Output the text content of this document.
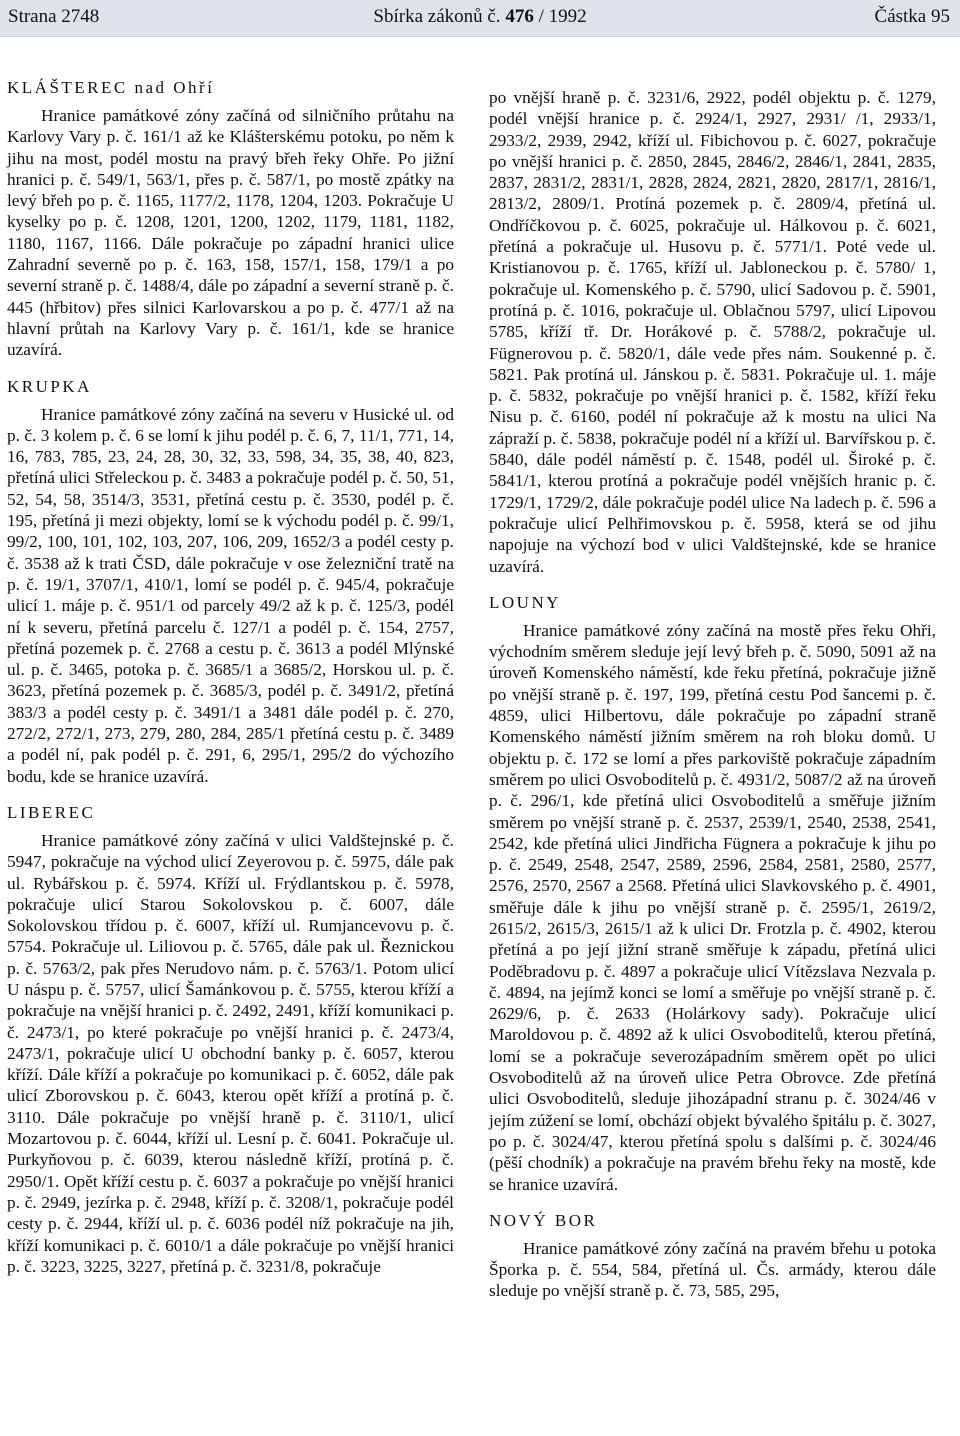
Strana 2748	Sbírka zákonů č. 476 / 1992	Částka 95
KLÁŠTEREC nad Ohří

Hranice památkové zóny začíná od silničního průtahu na Karlovy Vary p. č. 161/1 až ke Klášterskému potoku, po něm k jihu na most, podél mostu na pravý břeh řeky Ohře. Po jižní hranici p. č. 549/1, 563/1, přes p. č. 587/1, po mostě zpátky na levý břeh po p. č. 1165, 1177/2, 1178, 1204, 1203. Pokračuje U kyselky po p. č. 1208, 1201, 1200, 1202, 1179, 1181, 1182, 1180, 1167, 1166. Dále pokračuje po západní hranici ulice Zahradní severně po p. č. 163, 158, 157/1, 158, 179/1 a po severní straně p. č. 1488/4, dále po západní a severní straně p. č. 445 (hřbitov) přes silnici Karlovarskou a po p. č. 477/1 až na hlavní průtah na Karlovy Vary p. č. 161/1, kde se hranice uzavírá.

KRUPKA

Hranice památkové zóny začíná na severu v Husické ul. od p. č. 3 kolem p. č. 6 se lomí k jihu podél p. č. 6, 7, 11/1, 771, 14, 16, 783, 785, 23, 24, 28, 30, 32, 33, 598, 34, 35, 38, 40, 823, přetíná ulici Střeleckou p. č. 3483 a pokračuje podél p. č. 50, 51, 52, 54, 58, 3514/3, 3531, přetíná cestu p. č. 3530, podél p. č. 195, přetíná ji mezi objekty, lomí se k východu podél p. č. 99/1, 99/2, 100, 101, 102, 103, 207, 106, 209, 1652/3 a podél cesty p. č. 3538 až k trati ČSD, dále pokračuje v ose železniční tratě na p. č. 19/1, 3707/1, 410/1, lomí se podél p. č. 945/4, pokračuje ulicí 1. máje p. č. 951/1 od parcely 49/2 až k p. č. 125/3, podél ní k severu, přetíná parcelu č. 127/1 a podél p. č. 154, 2757, přetíná pozemek p. č. 2768 a cestu p. č. 3613 a podél Mlýnské ul. p. č. 3465, potoka p. č. 3685/1 a 3685/2, Horskou ul. p. č. 3623, přetíná pozemek p. č. 3685/3, podél p. č. 3491/2, přetíná 383/3 a podél cesty p. č. 3491/1 a 3481 dále podél p. č. 270, 272/2, 272/1, 273, 279, 280, 284, 285/1 přetíná cestu p. č. 3489 a podél ní, pak podél p. č. 291, 6, 295/1, 295/2 do výchozího bodu, kde se hranice uzavírá.

LIBEREC

Hranice památkové zóny začíná v ulici Valdštejnské p. č. 5947, pokračuje na východ ulicí Zeyerovou p. č. 5975, dále pak ul. Rybářskou p. č. 5974. Kříží ul. Frýdlantskou p. č. 5978, pokračuje ulicí Starou Sokolovskou p. č. 6007, dále Sokolovskou třídou p. č. 6007, kříží ul. Rumjancevovu p. č. 5754. Pokračuje ul. Liliovou p. č. 5765, dále pak ul. Řeznickou p. č. 5763/2, pak přes Nerudovo nám. p. č. 5763/1. Potom ulicí U náspu p. č. 5757, ulicí Šamánkovou p. č. 5755, kterou kříží a pokračuje na vnější hranici p. č. 2492, 2491, kříží komunikaci p. č. 2473/1, po které pokračuje po vnější hranici p. č. 2473/4, 2473/1, pokračuje ulicí U obchodní banky p. č. 6057, kterou kříží. Dále kříží a pokračuje po komunikaci p. č. 6052, dále pak ulicí Zborovskou p. č. 6043, kterou opět kříží a protíná p. č. 3110. Dále pokračuje po vnější hraně p. č. 3110/1, ulicí Mozartovou p. č. 6044, kříží ul. Lesní p. č. 6041. Pokračuje ul. Purkyňovou p. č. 6039, kterou následně kříží, protíná p. č. 2950/1. Opět kříží cestu p. č. 6037 a pokračuje po vnější hranici p. č. 2949, jezírka p. č. 2948, kříží p. č. 3208/1, pokračuje podél cesty p. č. 2944, kříží ul. p. č. 6036 podél níž pokračuje na jih, kříží komunikaci p. č. 6010/1 a dále pokračuje po vnější hranici p. č. 3223, 3225, 3227, přetíná p. č. 3231/8, pokračuje

po vnější hraně p. č. 3231/6, 2922, podél objektu p. č. 1279, podél vnější hranice p. č. 2924/1, 2927, 2931/ /1, 2933/1, 2933/2, 2939, 2942, kříží ul. Fibichovou p. č. 6027, pokračuje po vnější hranici p. č. 2850, 2845, 2846/2, 2846/1, 2841, 2835, 2837, 2831/2, 2831/1, 2828, 2824, 2821, 2820, 2817/1, 2816/1, 2813/2, 2809/1. Protíná pozemek p. č. 2809/4, přetíná ul. Ondříčkovou p. č. 6025, pokračuje ul. Hálkovou p. č. 6021, přetíná a pokračuje ul. Husovu p. č. 5771/1. Poté vede ul. Kristianovou p. č. 1765, kříží ul. Jabloneckou p. č. 5780/ 1, pokračuje ul. Komenského p. č. 5790, ulicí Sadovou p. č. 5901, protíná p. č. 1016, pokračuje ul. Oblačnou 5797, ulicí Lipovou 5785, kříží tř. Dr. Horákové p. č. 5788/2, pokračuje ul. Fügnerovou p. č. 5820/1, dále vede přes nám. Soukenné p. č. 5821. Pak protíná ul. Jánskou p. č. 5831. Pokračuje ul. 1. máje p. č. 5832, pokračuje po vnější hranici p. č. 1582, kříží řeku Nisu p. č. 6160, podél ní pokračuje až k mostu na ulici Na zápraží p. č. 5838, pokračuje podél ní a kříží ul. Barvířskou p. č. 5840, dále podél náměstí p. č. 1548, podél ul. Široké p. č. 5841/1, kterou protíná a pokračuje podél vnějších hranic p. č. 1729/1, 1729/2, dále pokračuje podél ulice Na ladech p. č. 596 a pokračuje ulicí Pelhřimovskou p. č. 5958, která se od jihu napojuje na výchozí bod v ulici Valdštejnské, kde se hranice uzavírá.

LOUNY

Hranice památkové zóny začíná na mostě přes řeku Ohři, východním směrem sleduje její levý břeh p. č. 5090, 5091 až na úroveň Komenského náměstí, kde řeku přetíná, pokračuje jižně po vnější straně p. č. 197, 199, přetíná cestu Pod šancemi p. č. 4859, ulici Hilbertovu, dále pokračuje po západní straně Komenského náměstí jižním směrem na roh bloku domů. U objektu p. č. 172 se lomí a přes parkoviště pokračuje západním směrem po ulici Osvoboditelů p. č. 4931/2, 5087/2 až na úroveň p. č. 296/1, kde přetíná ulici Osvoboditelů a směřuje jižním směrem po vnější straně p. č. 2537, 2539/1, 2540, 2538, 2541, 2542, kde přetíná ulici Jindřicha Fügnera a pokračuje k jihu po p. č. 2549, 2548, 2547, 2589, 2596, 2584, 2581, 2580, 2577, 2576, 2570, 2567 a 2568. Přetíná ulici Slavkovského p. č. 4901, směřuje dále k jihu po vnější straně p. č. 2595/1, 2619/2, 2615/2, 2615/3, 2615/1 až k ulici Dr. Frotzla p. č. 4902, kterou přetíná a po její jižní straně směřuje k západu, přetíná ulici Poděbradovu p. č. 4897 a pokračuje ulicí Vítězslava Nezvala p. č. 4894, na jejímž konci se lomí a směřuje po vnější straně p. č. 2629/6, p. č. 2633 (Holárkovy sady). Pokračuje ulicí Maroldovou p. č. 4892 až k ulici Osvoboditelů, kterou přetíná, lomí se a pokračuje severozápadním směrem opět po ulici Osvoboditelů až na úroveň ulice Petra Obrovce. Zde přetíná ulici Osvoboditelů, sleduje jihozápadní stranu p. č. 3024/46 v jejím zúžení se lomí, obchází objekt bývalého špitálu p. č. 3027, po p. č. 3024/47, kterou přetíná spolu s dalšími p. č. 3024/46 (pěší chodník) a pokračuje na pravém břehu řeky na mostě, kde se hranice uzavírá.

NOVÝ BOR

Hranice památkové zóny začíná na pravém břehu u potoka Šporka p. č. 554, 584, přetíná ul. Čs. armády, kterou dále sleduje po vnější straně p. č. 73, 585, 295,
